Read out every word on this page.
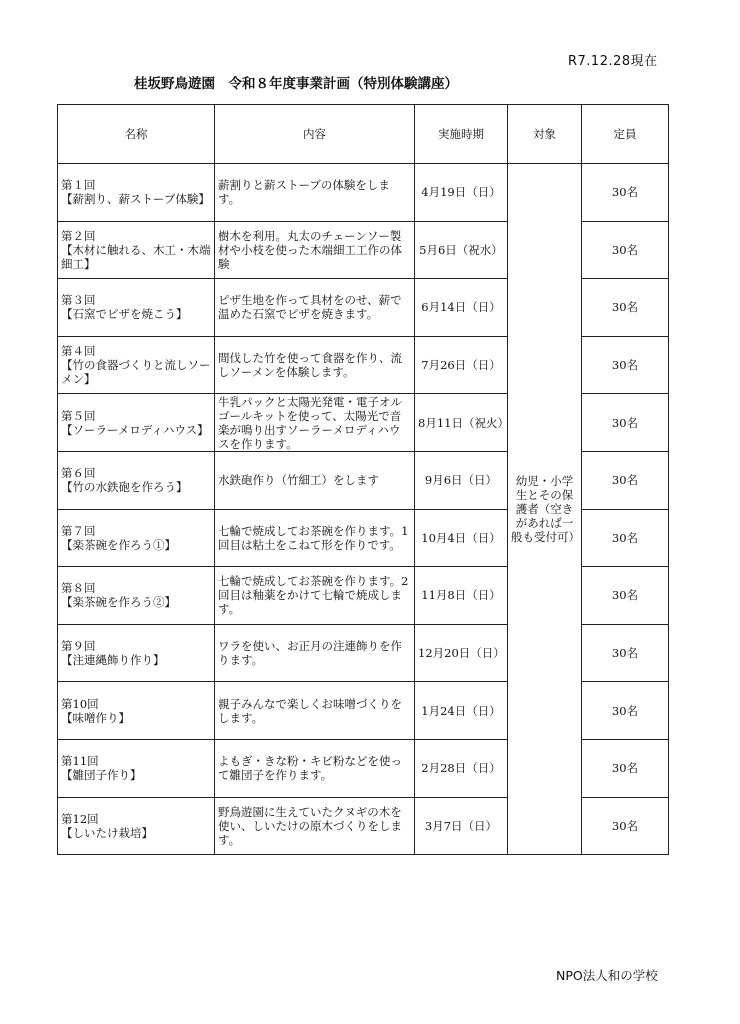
R7.12.28現在
桂坂野鳥遊園　令和８年度事業計画（特別体験講座）
名称	内容	実施時期	対象	定員

第１回
【薪割り、薪ストーブ体験】	薪割りと薪ストーブの体験をします。	4月19日（日）	幼児・小学生とその保護者（空きがあれば一般も受付可）	30名

第２回
【木材に触れる、木工・木端細工】	樹木を利用。丸太のチェーンソー製材や小枝を使った木端細工工作の体験	5月6日（祝水）		30名

第３回
【石窯でピザを焼こう】	ピザ生地を作って具材をのせ、薪で温めた石窯でピザを焼きます。	6月14日（日）		30名

第４回
【竹の食器づくりと流しソーメン】	間伐した竹を使って食器を作り、流しソーメンを体験します。	7月26日（日）		30名

第５回
【ソーラーメロディハウス】	牛乳パックと太陽光発電・電子オルゴールキットを使って、太陽光で音楽が鳴り出すソーラーメロディハウスを作ります。	8月11日（祝火）		30名

第６回
【竹の水鉄砲を作ろう】	水鉄砲作り（竹細工）をします	9月6日（日）		30名

第７回
【楽茶碗を作ろう①】	七輪で焼成してお茶碗を作ります。1回目は粘土をこねて形を作りです。	10月4日（日）		30名

第８回
【楽茶碗を作ろう②】	七輪で焼成してお茶碗を作ります。2回目は釉薬をかけて七輪で焼成します。	11月8日（日）		30名

第９回
【注連縄飾り作り】	ワラを使い、お正月の注連飾りを作ります。	12月20日（日）		30名

第10回
【味噌作り】	親子みんなで楽しくお味噌づくりをします。	1月24日（日）		30名

第11回
【雛団子作り】	よもぎ・きな粉・キビ粉などを使って雛団子を作ります。	2月28日（日）		30名

第12回
【しいたけ栽培】	野鳥遊園に生えていたクヌギの木を使い、しいたけの原木づくりをします。	3月7日（日）		30名
NPO法人和の学校
